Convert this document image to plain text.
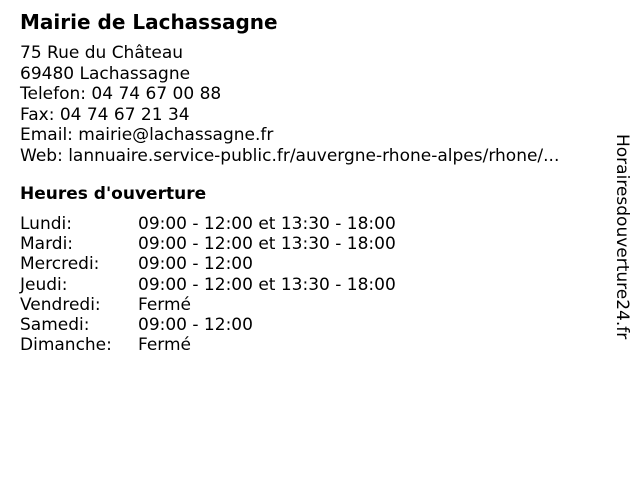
Mairie de Lachassagne
75 Rue du Château
69480 Lachassagne
Telefon: 04 74 67 00 88
Fax: 04 74 67 21 34
Email: mairie@lachassagne.fr
Web: lannuaire.service-public.fr/auvergne-rhone-alpes/rhone/...
Heures d'ouverture
Lundi:	09:00 - 12:00 et 13:30 - 18:00
Mardi:	09:00 - 12:00 et 13:30 - 18:00
Mercredi: 09:00 - 12:00
Jeudi:	09:00 - 12:00 et 13:30 - 18:00
Vendredi: Fermé
Samedi:	09:00 - 12:00
Dimanche: Fermé
Horairesdouverture24.fr
